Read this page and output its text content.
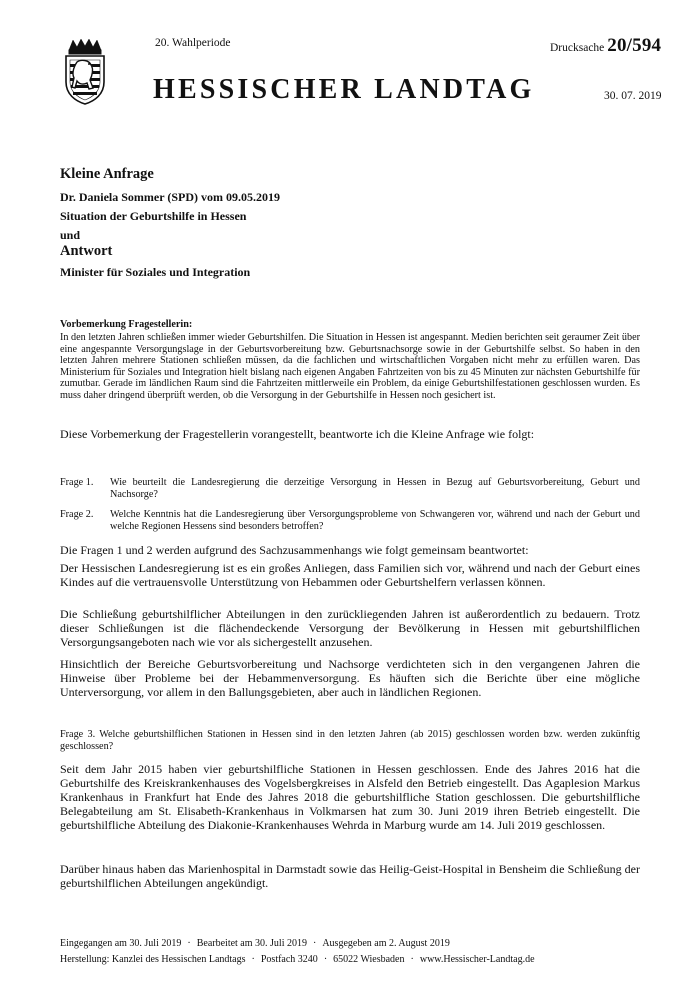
20. Wahlperiode	Drucksache 20/594
HESSISCHER LANDTAG	30. 07. 2019
Kleine Anfrage
Dr. Daniela Sommer (SPD) vom 09.05.2019
Situation der Geburtshilfe in Hessen
und
Antwort
Minister für Soziales und Integration
Vorbemerkung Fragestellerin:
In den letzten Jahren schließen immer wieder Geburtshilfen. Die Situation in Hessen ist angespannt. Medien berichten seit geraumer Zeit über eine angespannte Versorgungslage in der Geburtsvorbereitung bzw. Geburtsnachsorge sowie in der Geburtshilfe selbst. So haben in den letzten Jahren mehrere Stationen schließen müssen, da die fachlichen und wirtschaftlichen Vorgaben nicht mehr zu erfüllen waren. Das Ministerium für Soziales und Integration hielt bislang nach eigenen Angaben Fahrtzeiten von bis zu 45 Minuten zur nächsten Geburtshilfe für zumutbar. Gerade im ländlichen Raum sind die Fahrtzeiten mittlerweile ein Problem, da einige Geburtshilfestationen geschlossen wurden. Es muss daher dringend überprüft werden, ob die Versorgung in der Geburtshilfe in Hessen noch gesichert ist.
Diese Vorbemerkung der Fragestellerin vorangestellt, beantworte ich die Kleine Anfrage wie folgt:
Frage 1.	Wie beurteilt die Landesregierung die derzeitige Versorgung in Hessen in Bezug auf Geburtsvorbereitung, Geburt und Nachsorge?
Frage 2.	Welche Kenntnis hat die Landesregierung über Versorgungsprobleme von Schwangeren vor, während und nach der Geburt und welche Regionen Hessens sind besonders betroffen?
Die Fragen 1 und 2 werden aufgrund des Sachzusammenhangs wie folgt gemeinsam beantwortet:
Der Hessischen Landesregierung ist es ein großes Anliegen, dass Familien sich vor, während und nach der Geburt eines Kindes auf die vertrauensvolle Unterstützung von Hebammen oder Geburtshelfern verlassen können.
Die Schließung geburtshilflicher Abteilungen in den zurückliegenden Jahren ist außerordentlich zu bedauern. Trotz dieser Schließungen ist die flächendeckende Versorgung der Bevölkerung in Hessen mit geburtshilflichen Versorgungsangeboten nach wie vor als sichergestellt anzusehen.
Hinsichtlich der Bereiche Geburtsvorbereitung und Nachsorge verdichteten sich in den vergangenen Jahren die Hinweise über Probleme bei der Hebammenversorgung. Es häuften sich die Berichte über eine mögliche Unterversorgung, vor allem in den Ballungsgebieten, aber auch in ländlichen Regionen.
Frage 3. Welche geburtshilflichen Stationen in Hessen sind in den letzten Jahren (ab 2015) geschlossen worden bzw. werden zukünftig geschlossen?
Seit dem Jahr 2015 haben vier geburtshilfliche Stationen in Hessen geschlossen. Ende des Jahres 2016 hat die Geburtshilfe des Kreiskrankenhauses des Vogelsbergkreises in Alsfeld den Betrieb eingestellt. Das Agaplesion Markus Krankenhaus in Frankfurt hat Ende des Jahres 2018 die geburtshilfliche Station geschlossen. Die geburtshilfliche Belegabteilung am St. Elisabeth-Krankenhaus in Volkmarsen hat zum 30. Juni 2019 ihren Betrieb eingestellt. Die geburtshilfliche Abteilung des Diakonie-Krankenhauses Wehrda in Marburg wurde am 14. Juli 2019 geschlossen.
Darüber hinaus haben das Marienhospital in Darmstadt sowie das Heilig-Geist-Hospital in Bensheim die Schließung der geburtshilflichen Abteilungen angekündigt.
Eingegangen am 30. Juli 2019 · Bearbeitet am 30. Juli 2019 · Ausgegeben am 2. August 2019
Herstellung: Kanzlei des Hessischen Landtags · Postfach 3240 · 65022 Wiesbaden · www.Hessischer-Landtag.de
